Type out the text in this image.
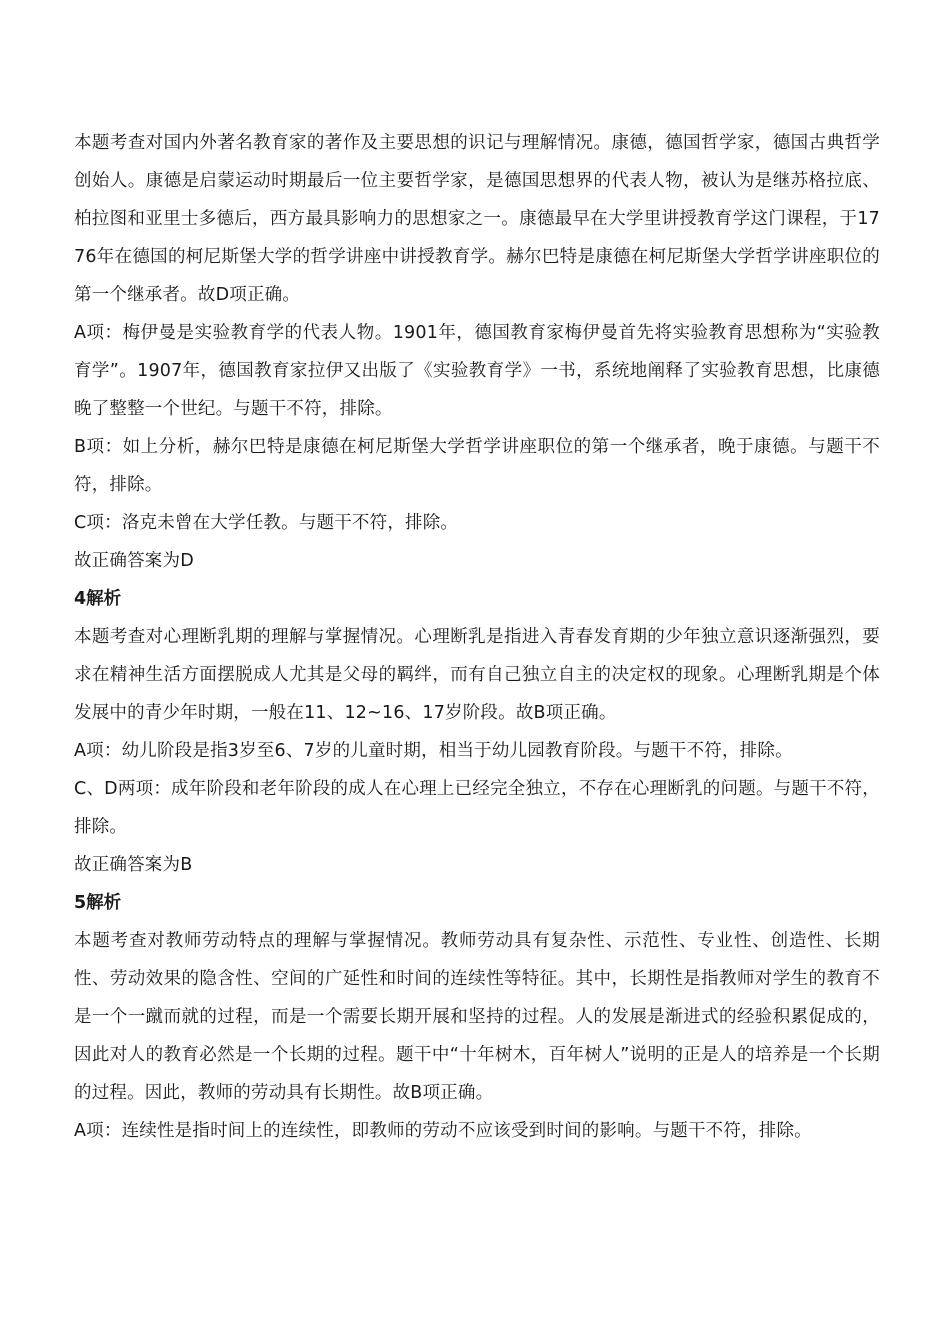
本题考查对国内外著名教育家的著作及主要思想的识记与理解情况。康德，德国哲学家，德国古典哲学创始人。康德是启蒙运动时期最后一位主要哲学家，是德国思想界的代表人物，被认为是继苏格拉底、柏拉图和亚里士多德后，西方最具影响力的思想家之一。康德最早在大学里讲授教育学这门课程，于1776年在德国的柯尼斯堡大学的哲学讲座中讲授教育学。赫尔巴特是康德在柯尼斯堡大学哲学讲座职位的第一个继承者。故D项正确。

A项：梅伊曼是实验教育学的代表人物。1901年，德国教育家梅伊曼首先将实验教育思想称为“实验教育学”。1907年，德国教育家拉伊又出版了《实验教育学》一书，系统地阐释了实验教育思想，比康德晚了整整一个世纪。与题干不符，排除。

B项：如上分析，赫尔巴特是康德在柯尼斯堡大学哲学讲座职位的第一个继承者，晚于康德。与题干不符，排除。

C项：洛克未曾在大学任教。与题干不符，排除。

故正确答案为D

4解析

本题考查对心理断乳期的理解与掌握情况。心理断乳是指进入青春发育期的少年独立意识逐渐强烈，要求在精神生活方面摆脱成人尤其是父母的羁绊，而有自己独立自主的决定权的现象。心理断乳期是个体发展中的青少年时期，一般在11、12~16、17岁阶段。故B项正确。

A项：幼儿阶段是指3岁至6、7岁的儿童时期，相当于幼儿园教育阶段。与题干不符，排除。

C、D两项：成年阶段和老年阶段的成人在心理上已经完全独立，不存在心理断乳的问题。与题干不符，排除。

故正确答案为B

5解析

本题考查对教师劳动特点的理解与掌握情况。教师劳动具有复杂性、示范性、专业性、创造性、长期性、劳动效果的隐含性、空间的广延性和时间的连续性等特征。其中，长期性是指教师对学生的教育不是一个一蹴而就的过程，而是一个需要长期开展和坚持的过程。人的发展是渐进式的经验积累促成的，因此对人的教育必然是一个长期的过程。题干中“十年树木，百年树人”说明的正是人的培养是一个长期的过程。因此，教师的劳动具有长期性。故B项正确。

A项：连续性是指时间上的连续性，即教师的劳动不应该受到时间的影响。与题干不符，排除。
